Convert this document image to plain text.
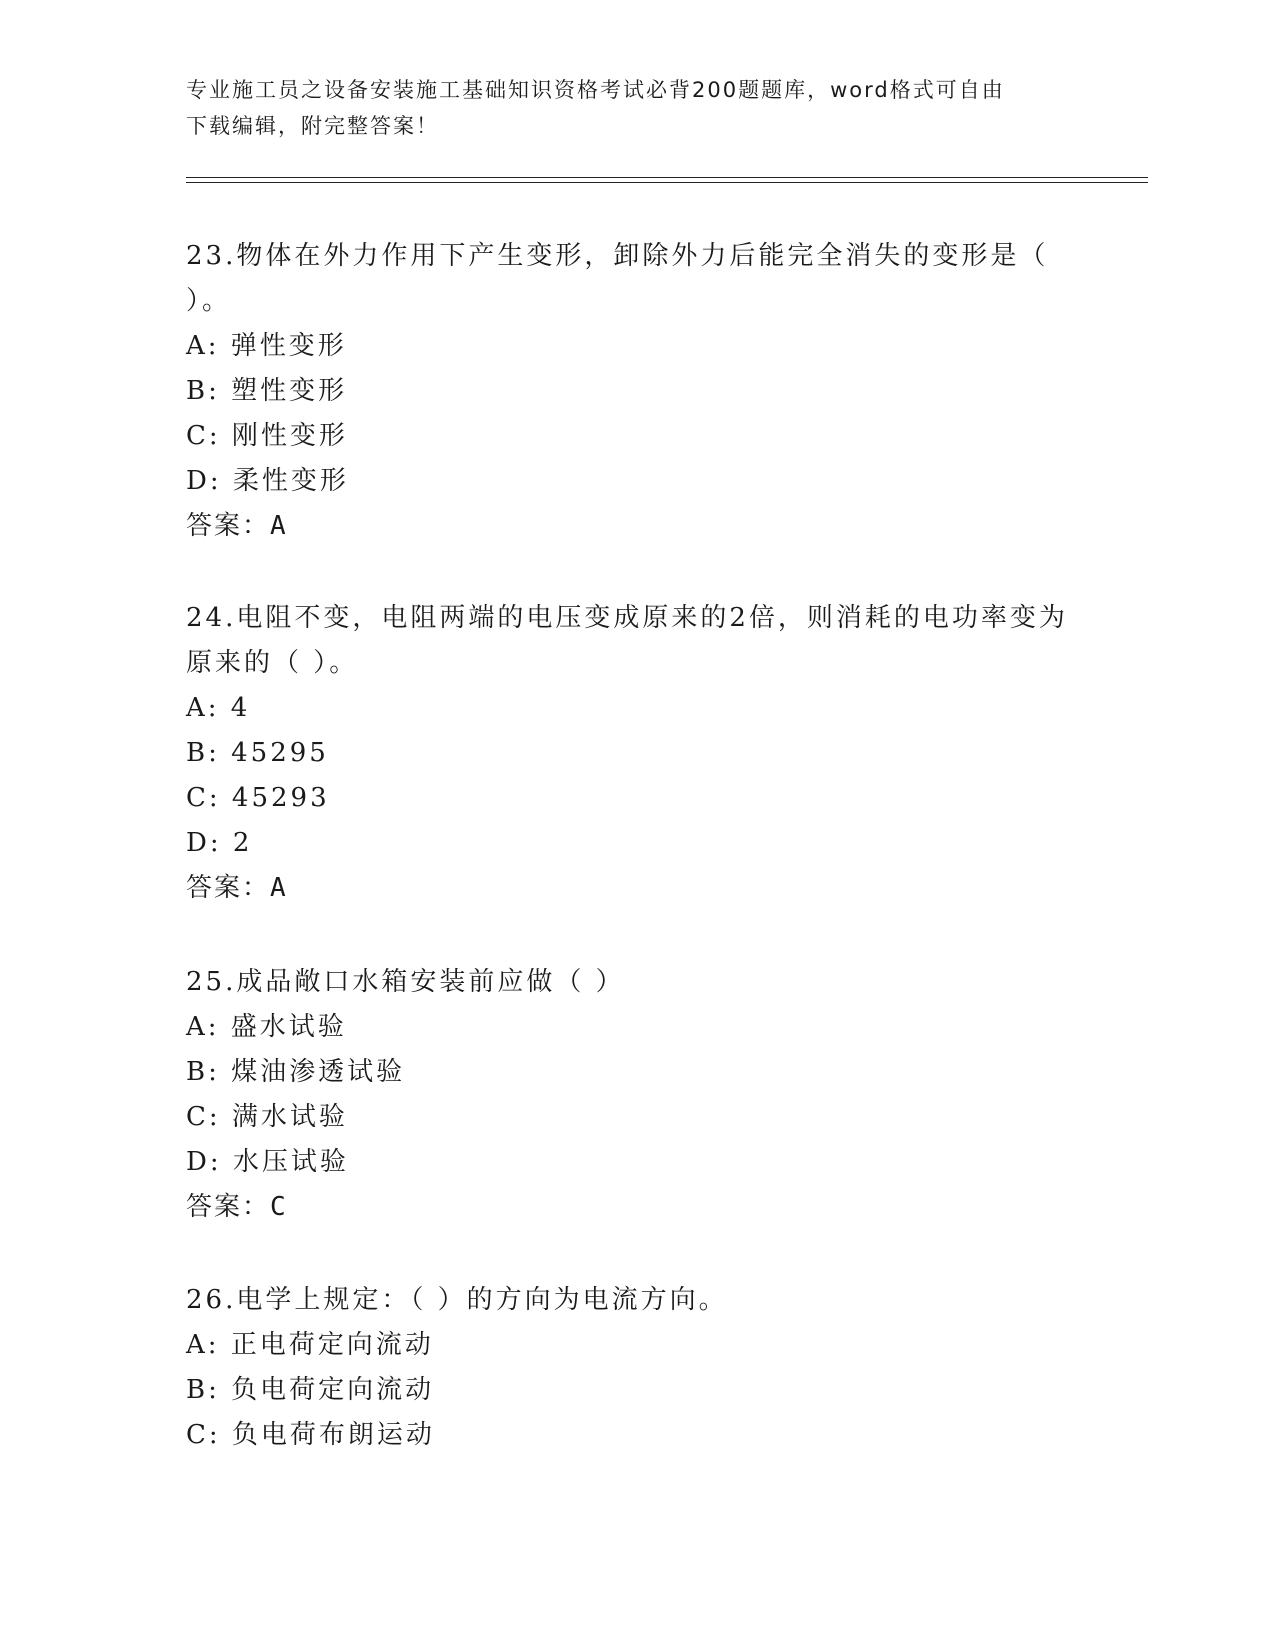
专业施工员之设备安装施工基础知识资格考试必背200题题库，word格式可自由
下载编辑，附完整答案！
23.物体在外力作用下产生变形，卸除外力后能完全消失的变形是（
）。
A: 弹性变形
B: 塑性变形
C: 刚性变形
D: 柔性变形
答案：A
24.电阻不变，电阻两端的电压变成原来的2倍，则消耗的电功率变为
原来的（ ）。
A: 4
B: 45295
C: 45293
D: 2
答案：A
25.成品敞口水箱安装前应做（ ）
A: 盛水试验
B: 煤油渗透试验
C: 满水试验
D: 水压试验
答案：C
26.电学上规定：（ ）的方向为电流方向。
A: 正电荷定向流动
B: 负电荷定向流动
C: 负电荷布朗运动
